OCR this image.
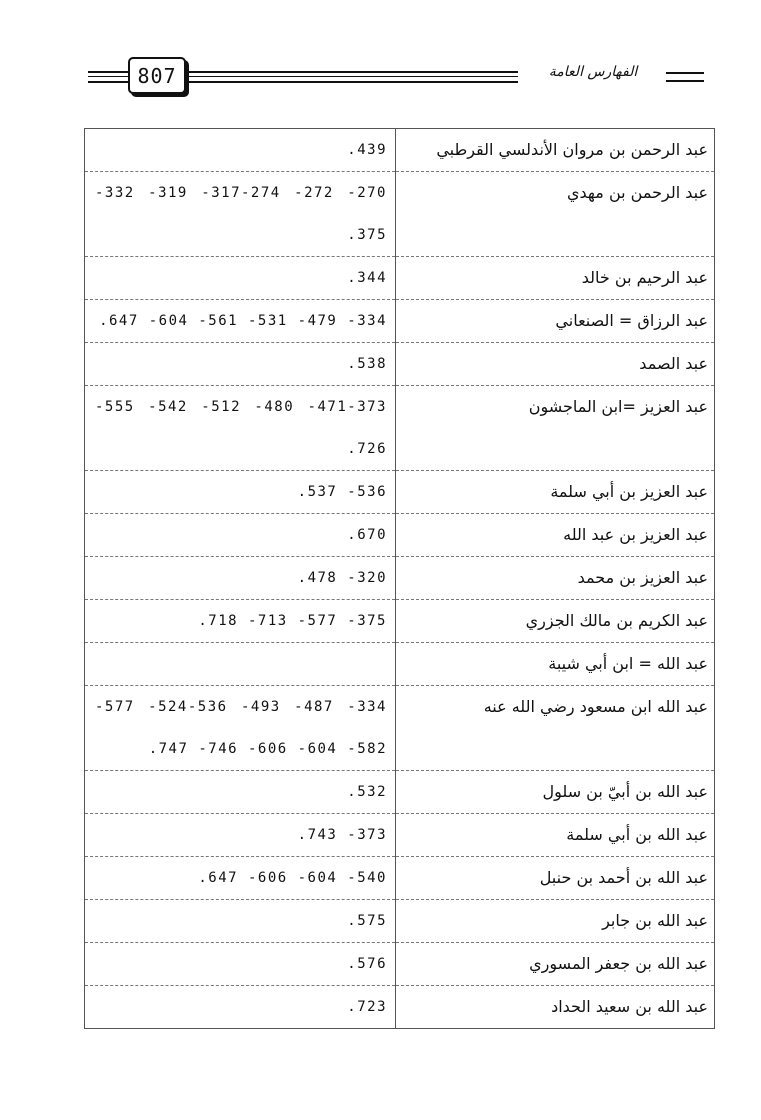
807	الفهارس العامة
.439	عبد الرحمن بن مروان الأندلسي القرطبي

-332 -319 -317-274 -272 -270
.375	عبد الرحمن بن مهدي

.344	عبد الرحيم بن خالد

.647 -604 -561 -531 -479 -334	عبد الرزاق = الصنعاني

.538	عبد الصمد

-555 -542 -512 -480 -471-373
.726	عبد العزيز =ابن الماجشون

.537 -536	عبد العزيز بن أبي سلمة

.670	عبد العزيز بن عبد الله

.478 -320	عبد العزيز بن محمد

.718 -713 -577 -375	عبد الكريم بن مالك الجزري

	عبد الله = ابن أبي شيبة

-577 -524-536 -493 -487 -334
.747 -746 -606 -604 -582	عبد الله ابن مسعود رضي الله عنه

.532	عبد الله بن أبيّ بن سلول

.743 -373	عبد الله بن أبي سلمة

.647 -606 -604 -540	عبد الله بن أحمد بن حنبل

.575	عبد الله بن جابر

.576	عبد الله بن جعفر المسوري

.723	عبد الله بن سعيد الحداد
